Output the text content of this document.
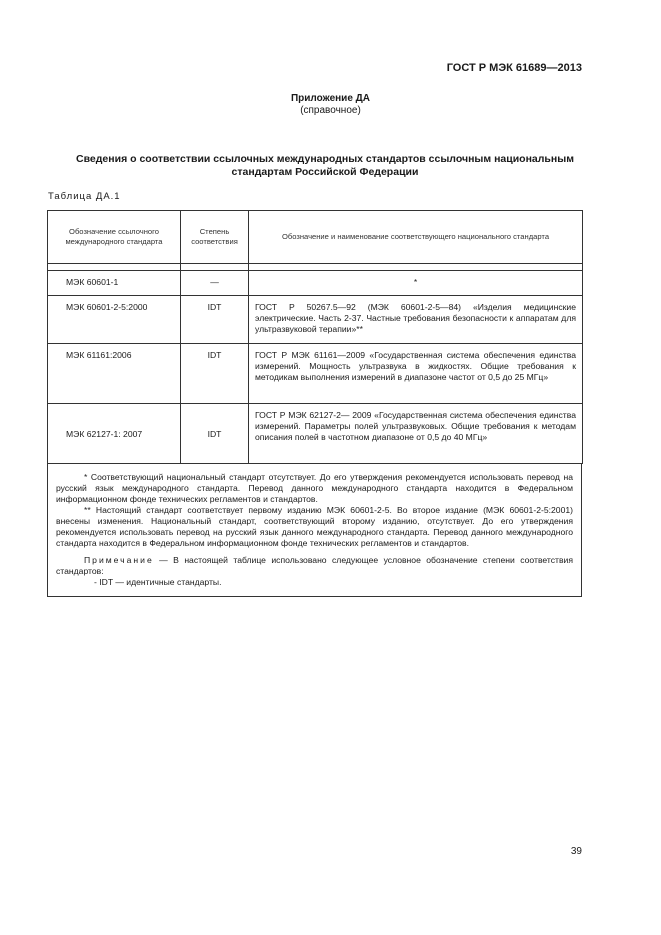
ГОСТ Р МЭК 61689—2013
Приложение ДА
(справочное)
Сведения о соответствии ссылочных международных стандартов ссылочным национальным стандартам Российской Федерации
Таблица ДА.1
Обозначение ссылочного международного стандарта	Степень соответствия	Обозначение и наименование соответствующего национального стандарта

МЭК 60601-1	—	*
МЭК 60601-2-5:2000	IDT	ГОСТ Р 50267.5—92 (МЭК 60601-2-5—84) «Изделия медицинские электрические. Часть 2-37. Частные требования безопасности к аппаратам для ультразвуковой терапии»**
МЭК 61161:2006	IDT	ГОСТ Р МЭК 61161—2009 «Государственная система обеспечения единства измерений. Мощность ультразвука в жидкостях. Общие требования к методикам выполнения измерений в диапазоне частот от 0,5 до 25 МГц»
МЭК 62127-1: 2007	IDT	ГОСТ Р МЭК 62127-2— 2009 «Государственная система обеспечения единства измерений. Параметры полей ультразвуковых. Общие требования к методам описания полей в частотном диапазоне от 0,5 до 40 МГц»

* Соответствующий национальный стандарт отсутствует. До его утверждения рекомендуется использовать перевод на русский язык международного стандарта. Перевод данного международного стандарта находится в Федеральном информационном фонде технических регламентов и стандартов.

** Настоящий стандарт соответствует первому изданию МЭК 60601-2-5. Во второе издание (МЭК 60601-2-5:2001) внесены изменения. Национальный стандарт, соответствующий второму изданию, отсутствует. До его утверждения рекомендуется использовать перевод на русский язык данного международного стандарта. Перевод данного международного стандарта находится в Федеральном информационном фонде технических регламентов и стандартов.

Примечание — В настоящей таблице использовано следующее условное обозначение степени соответствия стандартов:

- IDT — идентичные стандарты.

39
